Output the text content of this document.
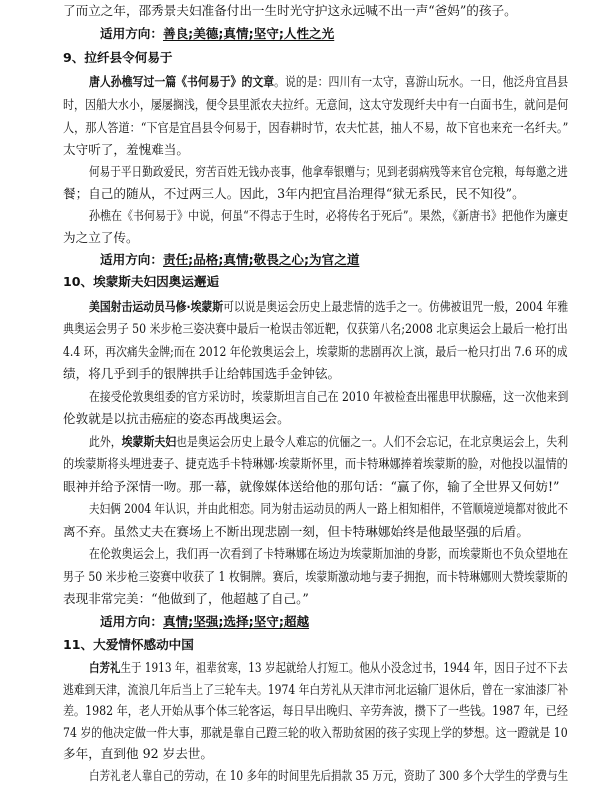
了而立之年，邵秀景夫妇准备付出一生时光守护这永远喊不出一声“爸妈”的孩子。
适用方向：善良;美德;真情;坚守;人性之光
9、拉纤县令何易于
唐人孙樵写过一篇《书何易于》的文章。说的是：四川有一太守，喜游山玩水。一日，他泛舟宜昌县
时，因船大水小，屡屡搁浅，便令县里派农夫拉纤。无意间，这太守发现纤夫中有一白面书生，就问是何
人，那人答道：“下官是宜昌县令何易于，因春耕时节，农夫忙甚，抽人不易，故下官也来充一名纤夫。”
太守听了，羞愧难当。
何易于平日勤政爱民，穷苦百姓无钱办丧事，他拿奉银赠与；见到老弱病残等来官仓完粮，每每邀之进
餐；自己的随从，不过两三人。因此，3年内把宜昌治理得“狱无系民，民不知役”。
孙樵在《书何易于》中说，何虽“不得志于生时，必将传名于死后”。果然，《新唐书》把他作为廉吏
为之立了传。
适用方向：责任;品格;真情;敬畏之心;为官之道
10、埃蒙斯夫妇因奥运邂逅
美国射击运动员马修·埃蒙斯可以说是奥运会历史上最悲情的选手之一。仿佛被诅咒一般，2004 年雅
典奥运会男子 50 米步枪三姿决赛中最后一枪误击邻近靶，仅获第八名;2008 北京奥运会上最后一枪打出
4.4 环，再次痛失金牌;而在 2012 年伦敦奥运会上，埃蒙斯的悲剧再次上演，最后一枪只打出 7.6 环的成
绩，将几乎到手的银牌拱手让给韩国选手金钟铉。
在接受伦敦奥组委的官方采访时，埃蒙斯坦言自己在 2010 年被检查出罹患甲状腺癌，这一次他来到
伦敦就是以抗击癌症的姿态再战奥运会。
此外，埃蒙斯夫妇也是奥运会历史上最令人难忘的伉俪之一。人们不会忘记，在北京奥运会上，失利
的埃蒙斯将头埋进妻子、捷克选手卡特琳娜·埃蒙斯怀里，而卡特琳娜捧着埃蒙斯的脸，对他投以温情的
眼神并给予深情一吻。那一幕，就像媒体送给他的那句话：“赢了你，输了全世界又何妨!”
夫妇俩 2004 年认识，并由此相恋。同为射击运动员的两人一路上相知相伴，不管顺境逆境都对彼此不
离不弃。虽然丈夫在赛场上不断出现悲剧一刻，但卡特琳娜始终是他最坚强的后盾。
在伦敦奥运会上，我们再一次看到了卡特琳娜在场边为埃蒙斯加油的身影，而埃蒙斯也不负众望地在
男子 50 米步枪三姿赛中收获了 1 枚铜牌。赛后，埃蒙斯激动地与妻子拥抱，而卡特琳娜则大赞埃蒙斯的
表现非常完美：“他做到了，他超越了自己。”
适用方向：真情;坚强;选择;坚守;超越
11、大爱情怀感动中国
白芳礼生于 1913 年，祖辈贫寒，13 岁起就给人打短工。他从小没念过书，1944 年，因日子过不下去
逃难到天津，流浪几年后当上了三轮车夫。1974 年白芳礼从天津市河北运输厂退休后，曾在一家油漆厂补
差。1982 年，老人开始从事个体三轮客运，每日早出晚归、辛劳奔波，攒下了一些钱。1987 年，已经
74 岁的他决定做一件大事，那就是靠自己蹬三轮的收入帮助贫困的孩子实现上学的梦想。这一蹬就是 10
多年，直到他 92 岁去世。
白芳礼老人靠自己的劳动，在 10 多年的时间里先后捐款 35 万元，资助了 300 多个大学生的学费与生
